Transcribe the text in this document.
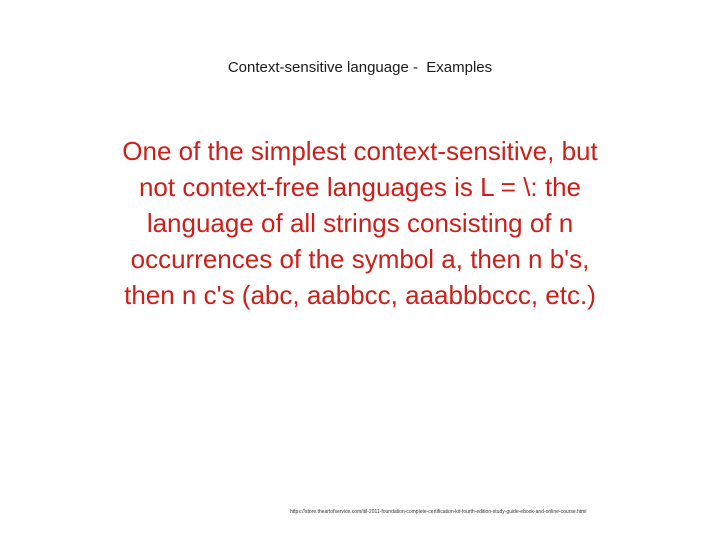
Context-sensitive language -  Examples
One of the simplest context-sensitive, but
not context-free languages is L = \: the
language of all strings consisting of n
occurrences of the symbol a, then n b's,
then n c's (abc, aabbcc, aaabbbccc, etc.)
https://store.theartofservice.com/itil-2011-foundation-complete-certification-kit-fourth-edition-study-guide-ebook-and-online-course.html
